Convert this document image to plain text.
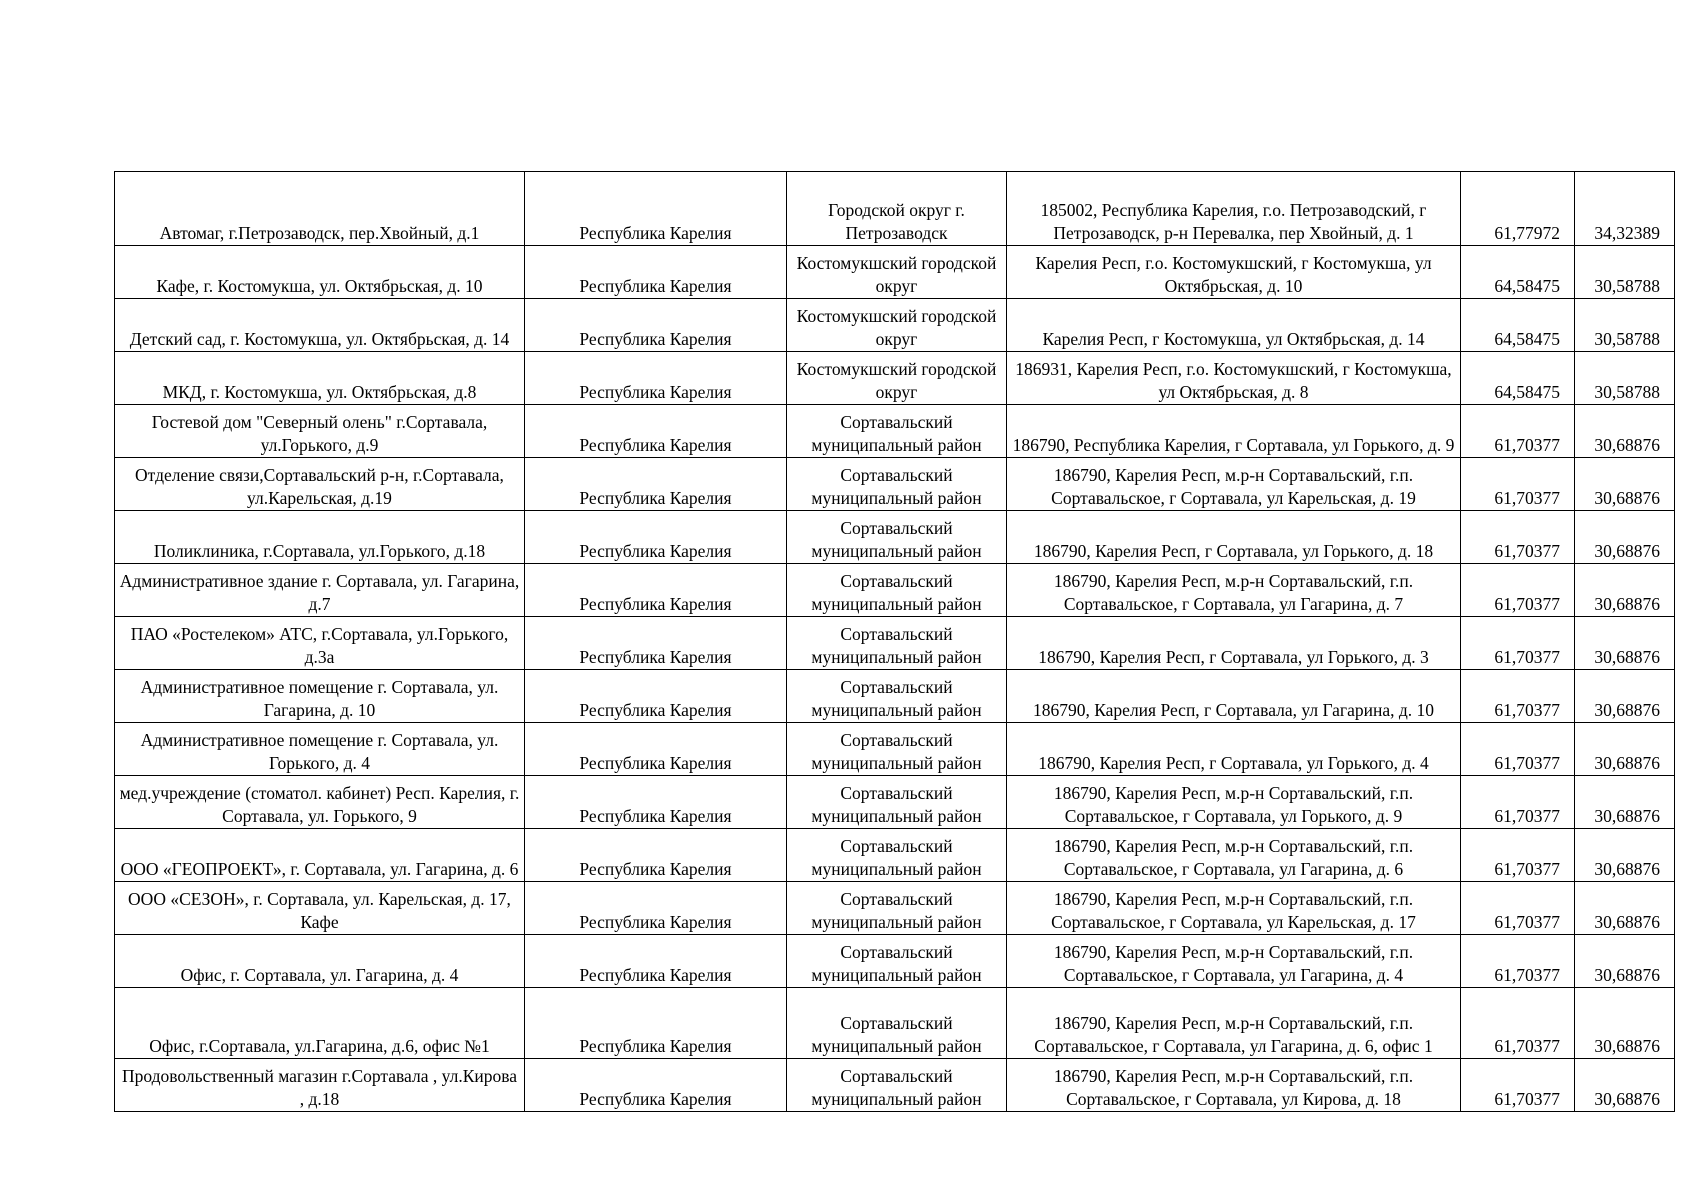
Автомаг, г.Петрозаводск, пер.Хвойный, д.1	Республика Карелия	Городской округ г. Петрозаводск	185002, Республика Карелия, г.о. Петрозаводский, г Петрозаводск, р-н Перевалка, пер Хвойный, д. 1	61,77972	34,32389
Кафе, г. Костомукша, ул. Октябрьская, д. 10	Республика Карелия	Костомукшский городской округ	Карелия Респ, г.о. Костомукшский, г Костомукша, ул Октябрьская, д. 10	64,58475	30,58788
Детский сад, г. Костомукша, ул. Октябрьская, д. 14	Республика Карелия	Костомукшский городской округ	Карелия Респ, г Костомукша, ул Октябрьская, д. 14	64,58475	30,58788
МКД, г. Костомукша, ул. Октябрьская, д.8	Республика Карелия	Костомукшский городской округ	186931, Карелия Респ, г.о. Костомукшский, г Костомукша, ул Октябрьская, д. 8	64,58475	30,58788
Гостевой дом "Северный олень" г.Сортавала, ул.Горького, д.9	Республика Карелия	Сортавальский муниципальный район	186790, Республика Карелия, г Сортавала, ул Горького, д. 9	61,70377	30,68876
Отделение связи,Сортавальский р-н, г.Сортавала, ул.Карельская, д.19	Республика Карелия	Сортавальский муниципальный район	186790, Карелия Респ, м.р-н Сортавальский, г.п. Сортавальское, г Сортавала, ул Карельская, д. 19	61,70377	30,68876
Поликлиника, г.Сортавала, ул.Горького, д.18	Республика Карелия	Сортавальский муниципальный район	186790, Карелия Респ, г Сортавала, ул Горького, д. 18	61,70377	30,68876
Административное здание г. Сортавала, ул. Гагарина, д.7	Республика Карелия	Сортавальский муниципальный район	186790, Карелия Респ, м.р-н Сортавальский, г.п. Сортавальское, г Сортавала, ул Гагарина, д. 7	61,70377	30,68876
ПАО «Ростелеком» АТС, г.Сортавала, ул.Горького, д.3а	Республика Карелия	Сортавальский муниципальный район	186790, Карелия Респ, г Сортавала, ул Горького, д. 3	61,70377	30,68876
Административное помещение г. Сортавала, ул. Гагарина, д. 10	Республика Карелия	Сортавальский муниципальный район	186790, Карелия Респ, г Сортавала, ул Гагарина, д. 10	61,70377	30,68876
Административное помещение г. Сортавала, ул. Горького, д. 4	Республика Карелия	Сортавальский муниципальный район	186790, Карелия Респ, г Сортавала, ул Горького, д. 4	61,70377	30,68876
мед.учреждение (стоматол. кабинет) Респ. Карелия, г. Сортавала, ул. Горького, 9	Республика Карелия	Сортавальский муниципальный район	186790, Карелия Респ, м.р-н Сортавальский, г.п. Сортавальское, г Сортавала, ул Горького, д. 9	61,70377	30,68876
ООО «ГЕОПРОЕКТ», г. Сортавала, ул. Гагарина, д. 6	Республика Карелия	Сортавальский муниципальный район	186790, Карелия Респ, м.р-н Сортавальский, г.п. Сортавальское, г Сортавала, ул Гагарина, д. 6	61,70377	30,68876
ООО «СЕЗОН», г. Сортавала, ул. Карельская, д. 17, Кафе	Республика Карелия	Сортавальский муниципальный район	186790, Карелия Респ, м.р-н Сортавальский, г.п. Сортавальское, г Сортавала, ул Карельская, д. 17	61,70377	30,68876
Офис, г. Сортавала, ул. Гагарина, д. 4	Республика Карелия	Сортавальский муниципальный район	186790, Карелия Респ, м.р-н Сортавальский, г.п. Сортавальское, г Сортавала, ул Гагарина, д. 4	61,70377	30,68876
Офис, г.Сортавала, ул.Гагарина, д.6, офис №1	Республика Карелия	Сортавальский муниципальный район	186790, Карелия Респ, м.р-н Сортавальский, г.п. Сортавальское, г Сортавала, ул Гагарина, д. 6, офис 1	61,70377	30,68876
Продовольственный магазин г.Сортавала , ул.Кирова , д.18	Республика Карелия	Сортавальский муниципальный район	186790, Карелия Респ, м.р-н Сортавальский, г.п. Сортавальское, г Сортавала, ул Кирова, д. 18	61,70377	30,68876
